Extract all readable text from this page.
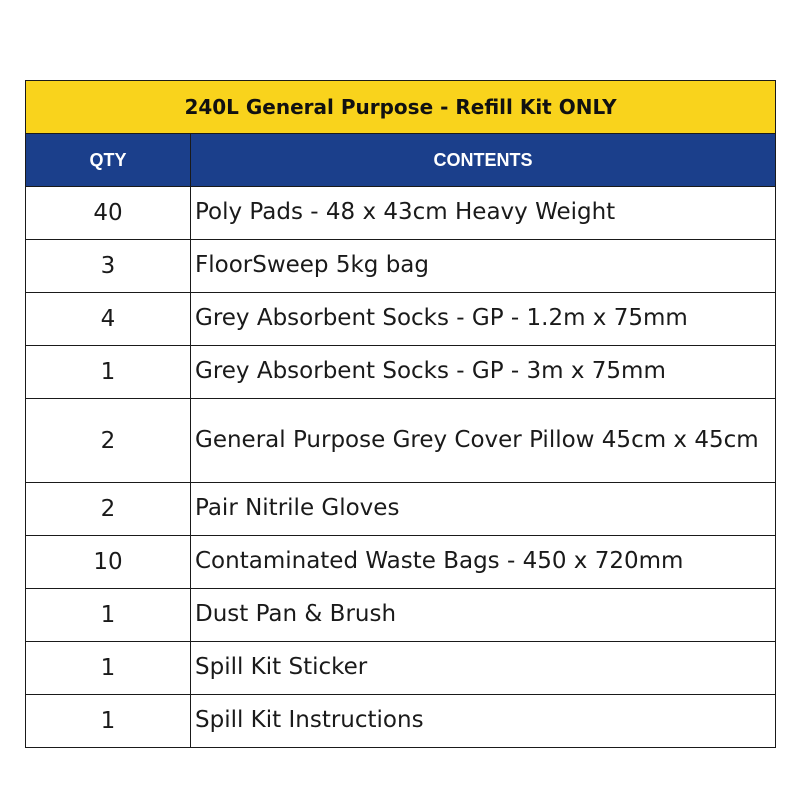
240L General Purpose - Refill Kit ONLY	
QTY	CONTENTS
40	Poly Pads - 48 x 43cm Heavy Weight
3	FloorSweep 5kg bag
4	Grey Absorbent Socks - GP - 1.2m x 75mm
1	Grey Absorbent Socks - GP - 3m x 75mm
2	General Purpose Grey Cover Pillow 45cm x 45cm
2	Pair Nitrile Gloves
10	Contaminated Waste Bags - 450 x 720mm
1	Dust Pan & Brush
1	Spill Kit Sticker
1	Spill Kit Instructions
